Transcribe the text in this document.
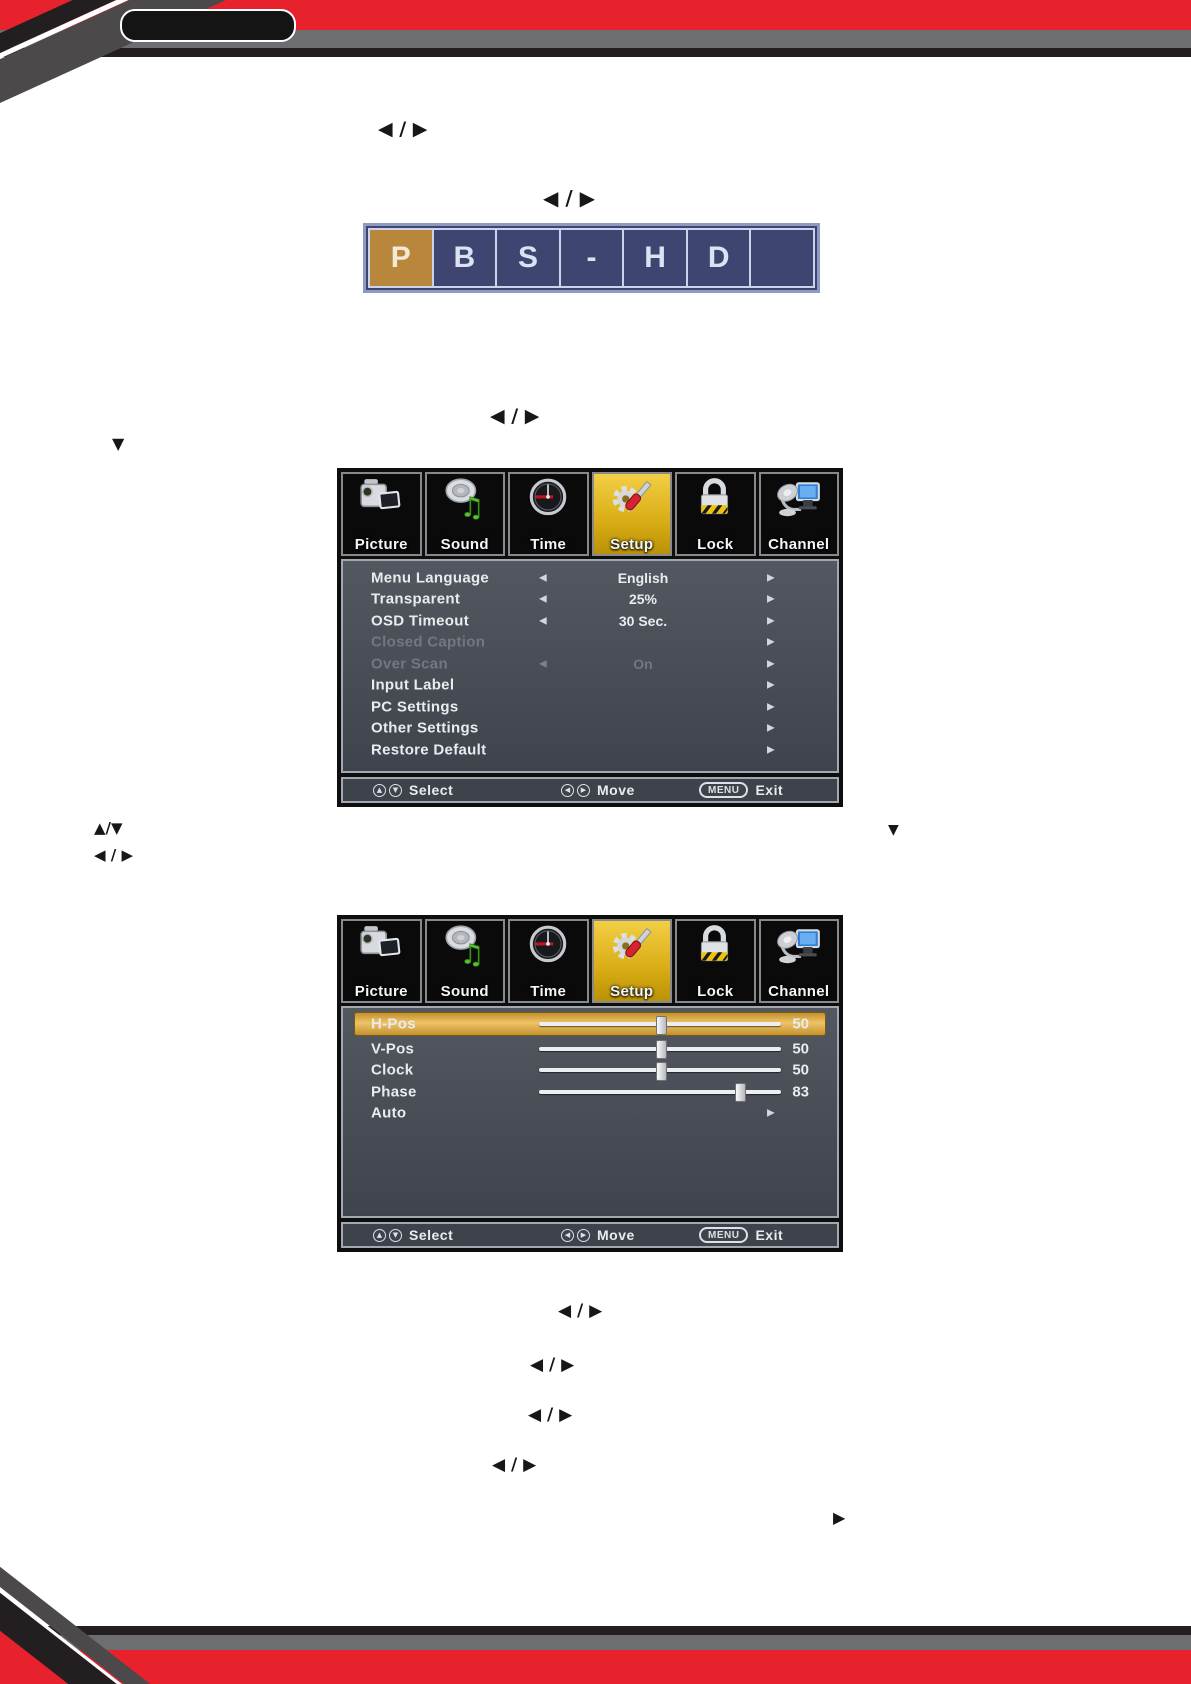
◀ / ▶
◀ / ▶
◀ / ▶
▼
▲/▼	▼
◀ / ▶
◀ / ▶
◀ / ▶
◀ / ▶
◀ / ▶
▶
P B S - H D
Picture
♫
Sound	Time	Setup	Lock	Channel
Menu Language	◀	English	▶
Transparent	◀	25%	▶
OSD Timeout	◀	30 Sec.	▶
Closed Caption	▶
Over Scan	◀	On	▶
Input Label	▶
PC Settings	▶
Other Settings	▶
Restore Default	▶
▲ ▼ Select	◀ ▶ Move	MENU	Exit
Picture
♫
Sound	Time	Setup	Lock	Channel
H-Pos	50
V-Pos	50
Clock	50
Phase	83
Auto	▶
▲ ▼ Select	◀ ▶ Move	MENU	Exit
